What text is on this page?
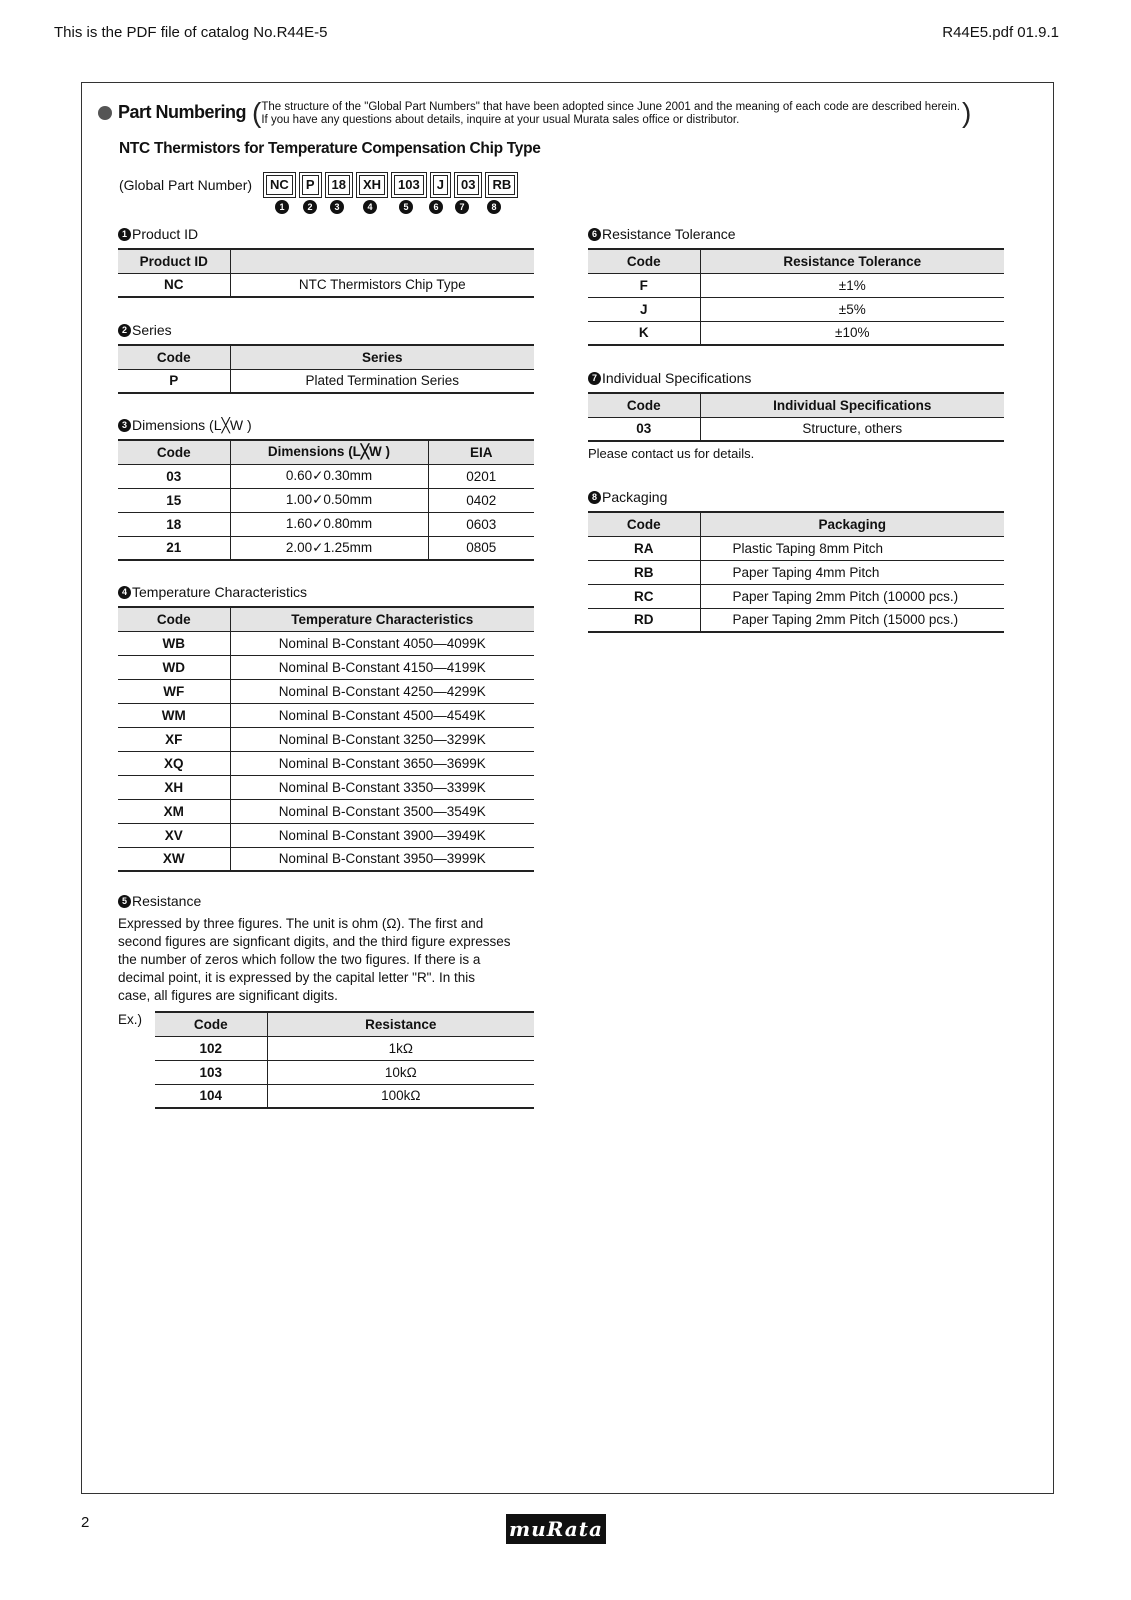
This is the PDF file of catalog No.R44E-5	R44E5.pdf 01.9.1
Part Numbering ( The structure of the "Global Part Numbers" that have been adopted since June 2001 and the meaning of each code are described herein.
If you have any questions about details, inquire at your usual Murata sales office or distributor.	)
NTC Thermistors for Temperature Compensation Chip Type
(Global Part Number)	NC	P	18	XH	103	J	03	RB
1	2	3	4	5	6	7	8
1 Product ID
Product ID	
NC	NTC Thermistors Chip Type
2 Series
Code	Series
P	Plated Termination Series
3 Dimensions (L╳W )
Code	Dimensions (L╳W )	EIA
03	0.60✓0.30mm	0201
15	1.00✓0.50mm	0402
18	1.60✓0.80mm	0603
21	2.00✓1.25mm	0805
4 Temperature Characteristics
Code	Temperature Characteristics
WB	Nominal B-Constant 4050—4099K
WD	Nominal B-Constant 4150—4199K
WF	Nominal B-Constant 4250—4299K
WM	Nominal B-Constant 4500—4549K
XF	Nominal B-Constant 3250—3299K
XQ	Nominal B-Constant 3650—3699K
XH	Nominal B-Constant 3350—3399K
XM	Nominal B-Constant 3500—3549K
XV	Nominal B-Constant 3900—3949K
XW	Nominal B-Constant 3950—3999K
5 Resistance
Expressed by three figures. The unit is ohm (Ω). The first and
second figures are signficant digits, and the third figure expresses
the number of zeros which follow the two figures. If there is a
decimal point, it is expressed by the capital letter "R". In this
case, all figures are significant digits.
Ex.)	Code	Resistance
102	1kΩ
103	10kΩ
104	100kΩ
6 Resistance Tolerance
Code	Resistance Tolerance
F	±1%
J	±5%
K	±10%
7 Individual Specifications
Code	Individual Specifications
03	Structure, others
Please contact us for details.
8 Packaging
Code	Packaging
RA	Plastic Taping 8mm Pitch
RB	Paper Taping 4mm Pitch
RC	Paper Taping 2mm Pitch (10000 pcs.)
RD	Paper Taping 2mm Pitch (15000 pcs.)
2	muRata
